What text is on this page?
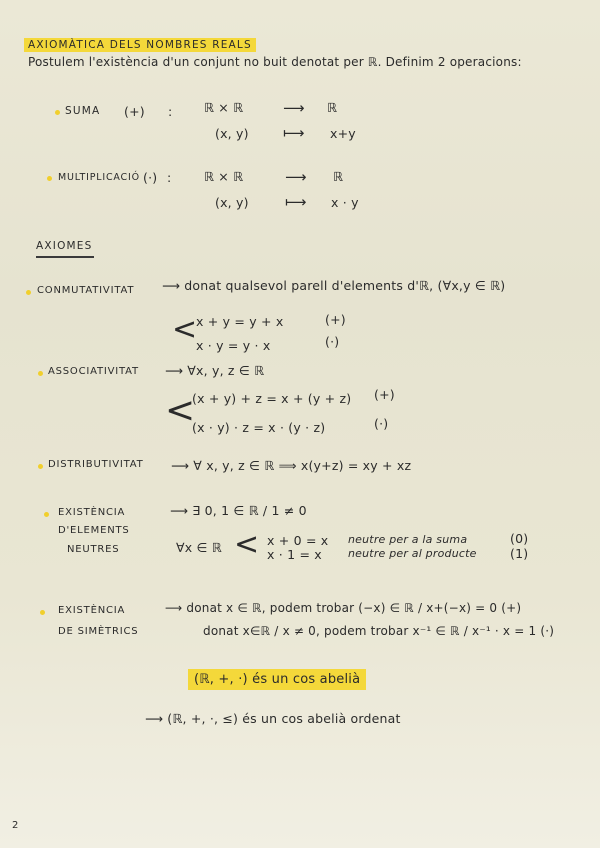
AXIOMÀTICA DELS NOMBRES REALS
Postulem l'existència d'un conjunt no buit denotat per ℝ. Definim 2 operacions:
SUMA (+) :	ℝ × ℝ	⟶ ℝ
(x, y) ⟼ x+y
MULTIPLICACIÓ (·) :	ℝ × ℝ	⟶ ℝ
(x, y) ⟼ x · y
AXIOMES
CONMUTATIVITAT ⟶ donat qualsevol parell d'elements d'ℝ, (∀x,y ∈ ℝ)
<
x + y = y + x	(+)
x · y = y · x	(·)
ASSOCIATIVITAT ⟶ ∀x, y, z ∈ ℝ
<
(x + y) + z = x + (y + z) (+)
(x · y) · z = x · (y · z)	(·)
DISTRIBUTIVITAT ⟶ ∀ x, y, z ∈ ℝ ⟹ x(y+z) = xy + xz
EXISTÈNCIA
D'ELEMENTS
NEUTRES
⟶ ∃ 0, 1 ∈ ℝ / 1 ≠ 0
∀x ∈ ℝ < x + 0 = x neutre per a la suma	(0)
x · 1 = x neutre per al producte	(1)
EXISTÈNCIA
DE SIMÈTRICS
⟶ donat x ∈ ℝ, podem trobar (−x) ∈ ℝ / x+(−x) = 0 (+)
donat x∈ℝ / x ≠ 0, podem trobar x⁻¹ ∈ ℝ / x⁻¹ · x = 1 (·)
(ℝ, +, ·) és un cos abelià
⟶ (ℝ, +, ·, ≤) és un cos abelià ordenat
2
